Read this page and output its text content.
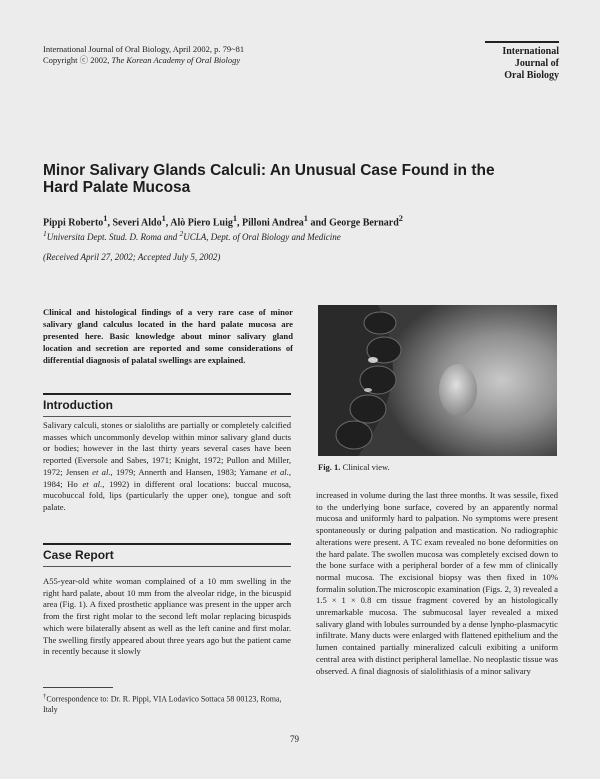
International Journal of Oral Biology, April 2002, p. 79~81
Copyright ⓒ 2002, The Korean Academy of Oral Biology
International
Journal of
Oral Biology
Minor Salivary Glands Calculi: An Unusual Case Found in the
Hard Palate Mucosa
Pippi Roberto$^1$, Severi Aldo$^1$, Alò Piero Luig$^1$, Pilloni Andrea$^1$ and George Bernard$^2$
$^1$Universita Dept. Stud. D. Roma and $^2$UCLA, Dept. of Oral Biology and Medicine
(Received April 27, 2002; Accepted July 5, 2002)
Clinical and histological findings of a very rare case of minor salivary gland calculus located in the hard palate mucosa are presented here. Basic knowledge about minor salivary gland location and secretion are reported and some considerations of differential diagnosis of palatal swellings are explained.
Introduction
Salivary calculi, stones or sialoliths are partially or completely calcified masses which uncommonly develop within minor salivary gland ducts or bodies; however in the last thirty years several cases have been reported (Eversole and Sabes, 1971; Knight, 1972; Pullon and Miller, 1972; Jensen et al., 1979; Annerth and Hansen, 1983; Yamane et al., 1984; Ho et al., 1992) in different oral locations: buccal mucosa, mucobuccal fold, lips (particularly the upper one), tongue and soft palate.
Case Report
A55-year-old white woman complained of a 10 mm swelling in the right hard palate, about 10 mm from the alveolar ridge, in the bicuspid area (Fig. 1). A fixed prosthetic appliance was present in the upper arch from the first right molar to the second left molar replacing bicuspids which were bilaterally absent as well as the left canine and first molar. The swelling firstly appeared about three years ago but the patient came in recently because it slowly
†Correspondence to: Dr. R. Pippi, VIA Lodavico Sottaca 58 00123, Roma, Italy
Fig. 1. Clinical view.
increased in volume during the last three months. It was sessile, fixed to the underlying bone surface, covered by an apparently normal mucosa and uniformly hard to palpation. No symptoms were present spontaneously or during palpation and mastication. No radiographic alterations were present. A TC exam revealed no bone deformities on the hard palate. The swollen mucosa was completely excised down to the bone surface with a peripheral border of a few mm of clinically normal mucosa. The excisional biopsy was then fixed in 10% formalin solution.The microscopic examination (Figs. 2, 3) revealed a 1.5 × 1 × 0.8 cm tissue fragment covered by an histologically unremarkable mucosa. The submucosal layer revealed a mixed salivary gland with lobules surrounded by a dense lynpho-plasmacytic infiltrate. Many ducts were enlarged with flattened epithelium and the lumen contained partially mineralized calculi exibiting a uniform central area with distinct peripheral lamellae. No neoplastic tissue was observed. A final diagnosis of sialolithiasis of a minor salivary
79
